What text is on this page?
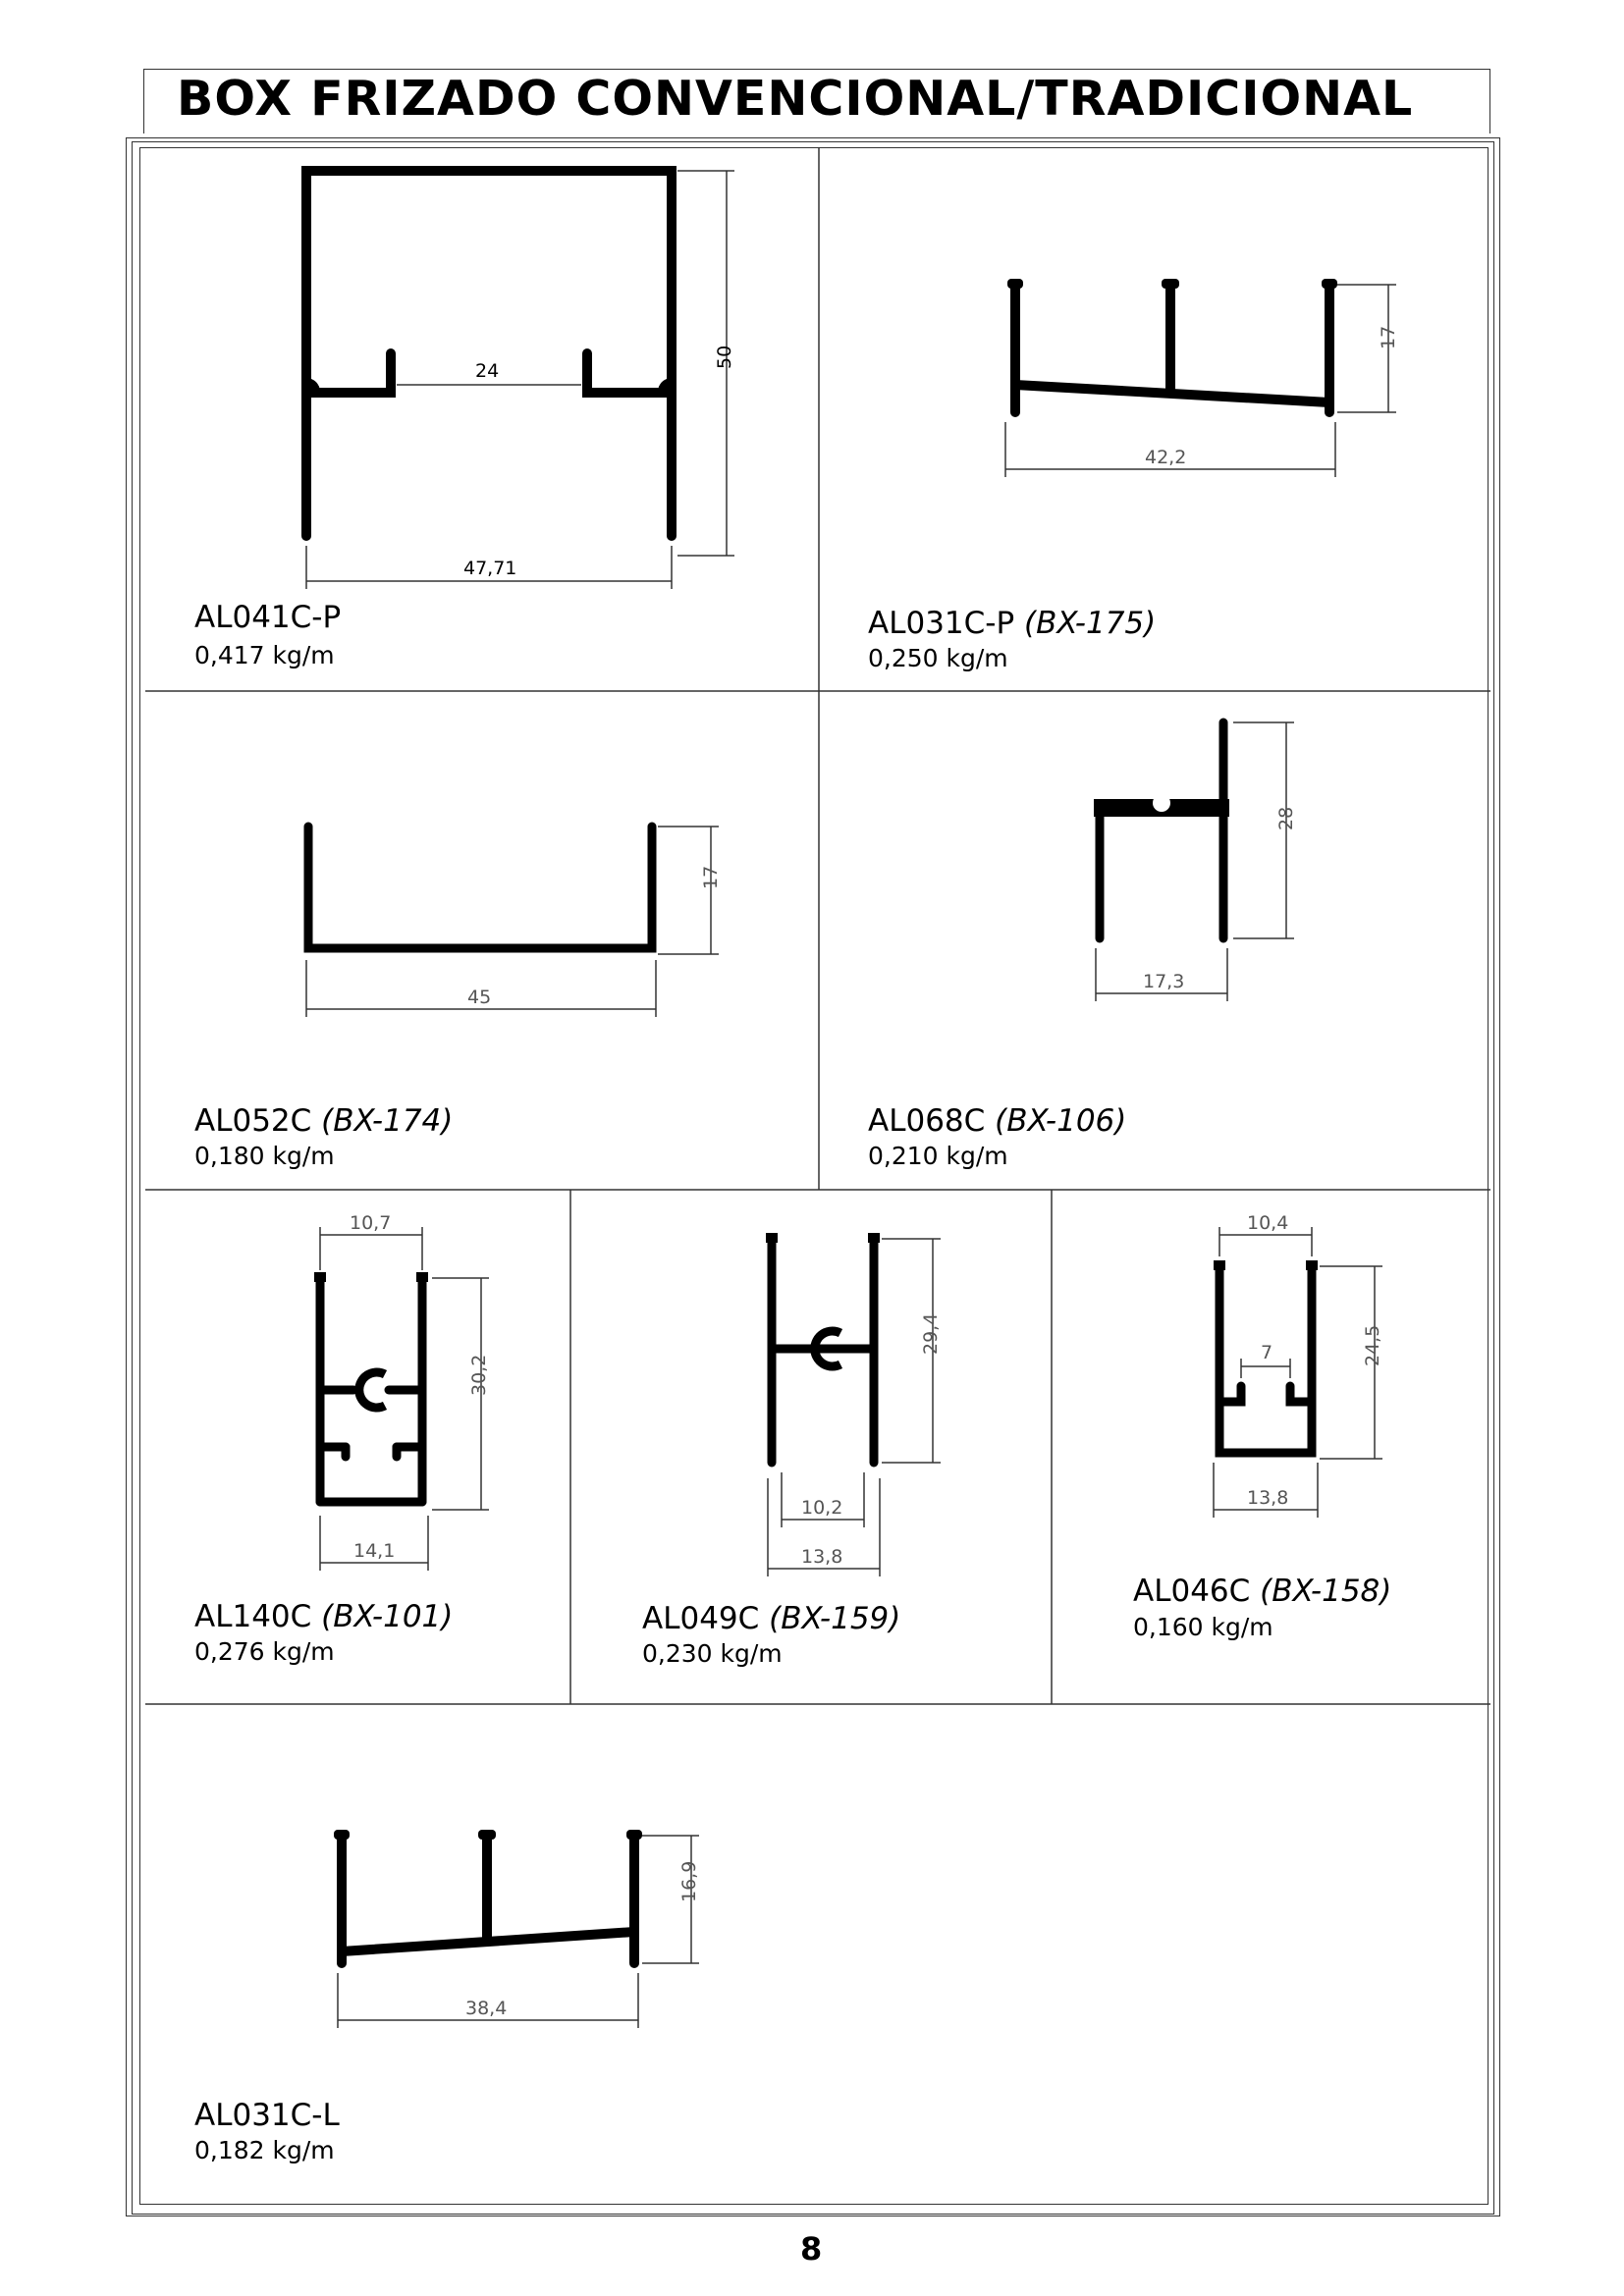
BOX FRIZADO CONVENCIONAL/TRADICIONAL
24
50
47,71
AL041C-P
0,417 kg/m
17
42,2
AL031C-P (BX-175)
0,250 kg/m
17
45
AL052C (BX-174)
0,180 kg/m
28
17,3
AL068C (BX-106)
0,210 kg/m
10,7
30,2
14,1
AL140C (BX-101)
0,276 kg/m
29,4
10,2
13,8
AL049C (BX-159)
0,230 kg/m
10,4
7	24,5
13,8
AL046C (BX-158)
0,160 kg/m
16,9
38,4
AL031C-L
0,182 kg/m
8
